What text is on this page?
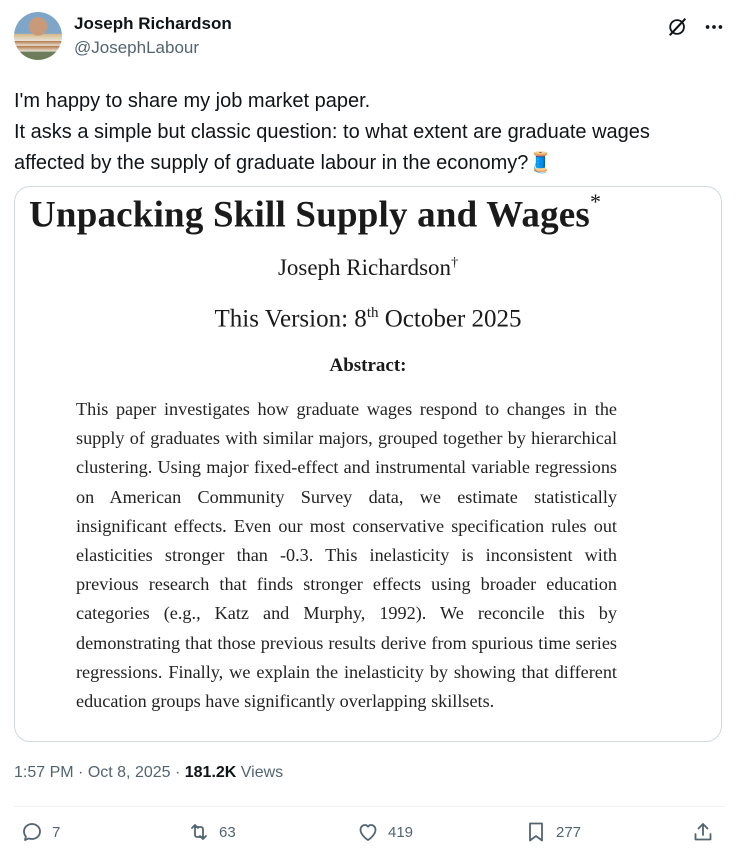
Joseph Richardson
@JosephLabour
I'm happy to share my job market paper.
It asks a simple but classic question: to what extent are graduate wages affected by the supply of graduate labour in the economy?🧵
Unpacking Skill Supply and Wages*
Joseph Richardson†
This Version: 8th October 2025
Abstract:
This paper investigates how graduate wages respond to changes in the supply of graduates with similar majors, grouped together by hierarchical clustering. Using major fixed-effect and instrumental variable regressions on American Community Survey data, we estimate statistically insignificant effects. Even our most conservative specification rules out elasticities stronger than -0.3. This inelasticity is inconsistent with previous research that finds stronger effects using broader education categories (e.g., Katz and Murphy, 1992). We reconcile this by demonstrating that those previous results derive from spurious time series regressions. Finally, we explain the inelasticity by showing that different education groups have significantly overlapping skillsets.
1:57 PM · Oct 8, 2025 · 181.2K Views
7	63	419	277
